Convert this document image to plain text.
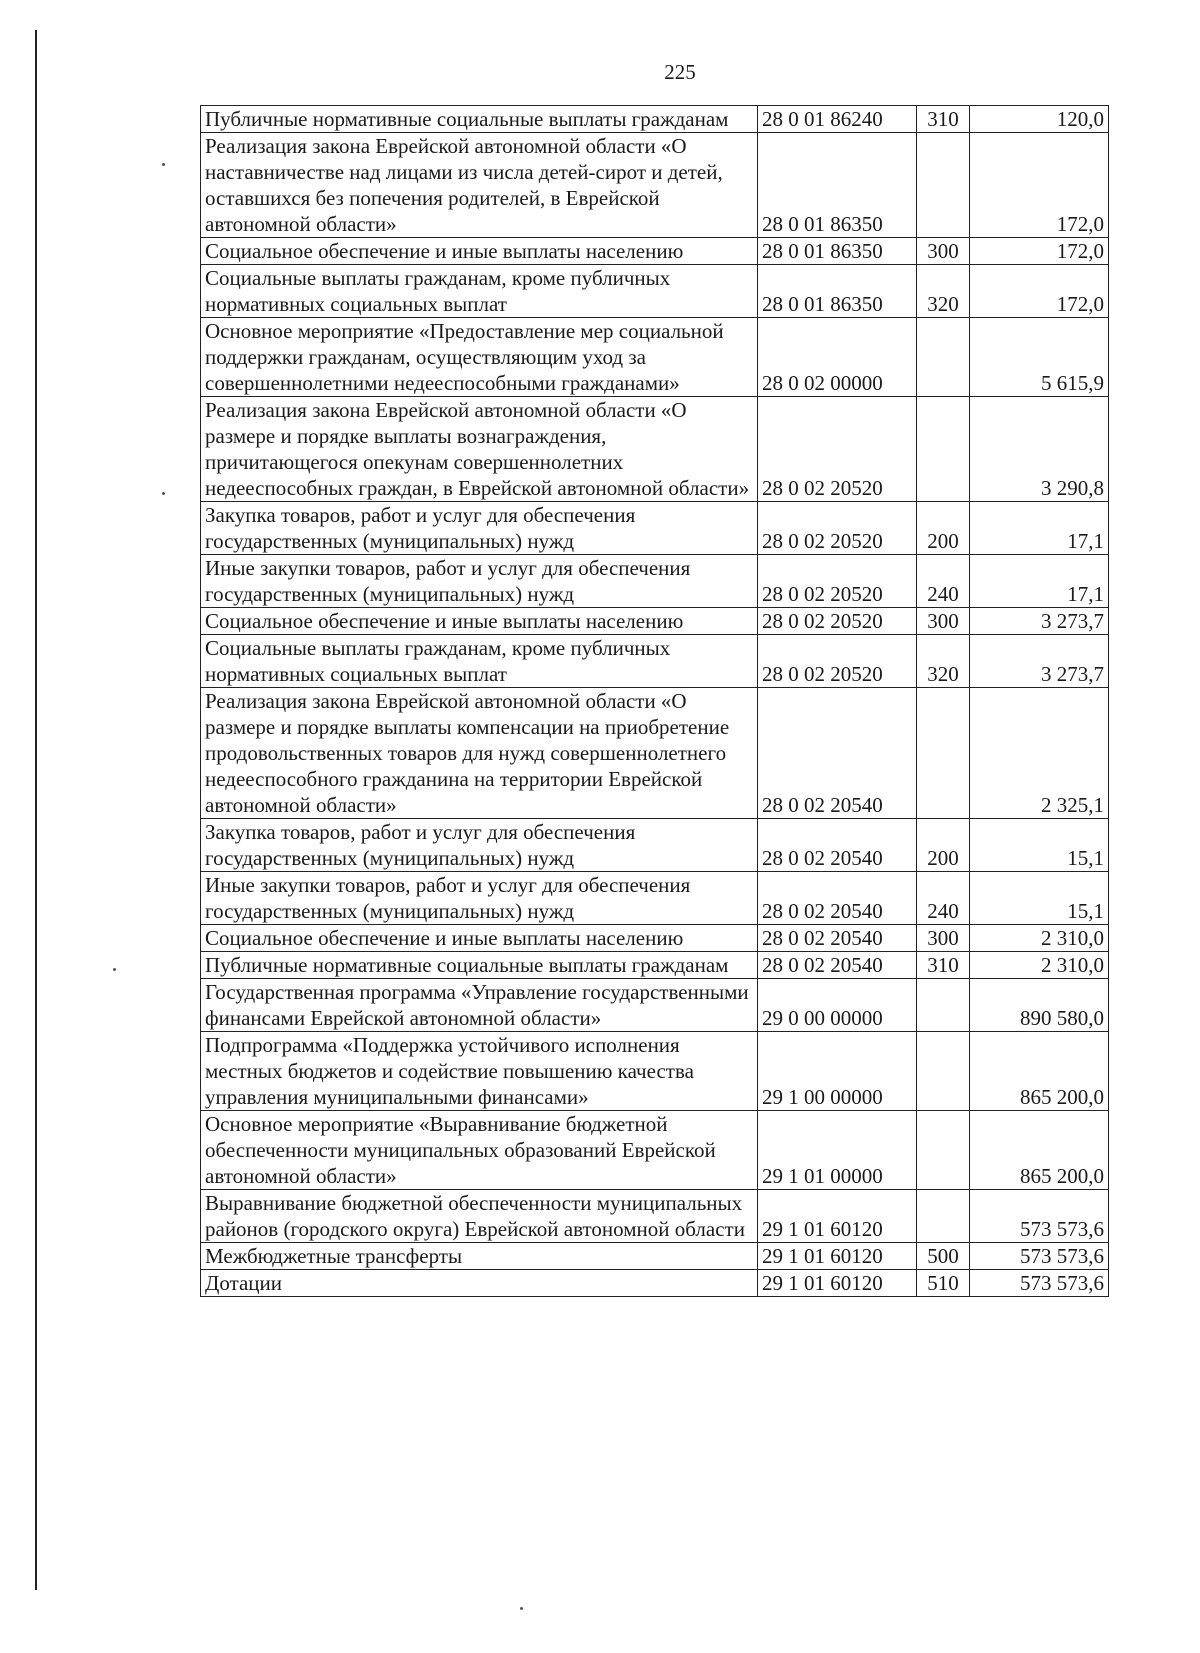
225
Публичные нормативные социальные выплаты гражданам	28 0 01 86240	310	120,0
Реализация закона Еврейской автономной области «О наставничестве над лицами из числа детей-сирот и детей, оставшихся без попечения родителей, в Еврейской автономной области»	28 0 01 86350		172,0
Социальное обеспечение и иные выплаты населению	28 0 01 86350	300	172,0
Социальные выплаты гражданам, кроме публичных нормативных социальных выплат	28 0 01 86350	320	172,0
Основное мероприятие «Предоставление мер социальной поддержки гражданам, осуществляющим уход за совершеннолетними недееспособными гражданами»	28 0 02 00000		5 615,9
Реализация закона Еврейской автономной области «О размере и порядке выплаты вознаграждения, причитающегося опекунам совершеннолетних недееспособных граждан, в Еврейской автономной области»	28 0 02 20520		3 290,8
Закупка товаров, работ и услуг для обеспечения государственных (муниципальных) нужд	28 0 02 20520	200	17,1
Иные закупки товаров, работ и услуг для обеспечения государственных (муниципальных) нужд	28 0 02 20520	240	17,1
Социальное обеспечение и иные выплаты населению	28 0 02 20520	300	3 273,7
Социальные выплаты гражданам, кроме публичных нормативных социальных выплат	28 0 02 20520	320	3 273,7
Реализация закона Еврейской автономной области «О размере и порядке выплаты компенсации на приобретение продовольственных товаров для нужд совершеннолетнего недееспособного гражданина на территории Еврейской автономной области»	28 0 02 20540		2 325,1
Закупка товаров, работ и услуг для обеспечения государственных (муниципальных) нужд	28 0 02 20540	200	15,1
Иные закупки товаров, работ и услуг для обеспечения государственных (муниципальных) нужд	28 0 02 20540	240	15,1
Социальное обеспечение и иные выплаты населению	28 0 02 20540	300	2 310,0
Публичные нормативные социальные выплаты гражданам	28 0 02 20540	310	2 310,0
Государственная программа «Управление государственными финансами Еврейской автономной области»	29 0 00 00000		890 580,0
Подпрограмма «Поддержка устойчивого исполнения местных бюджетов и содействие повышению качества управления муниципальными финансами»	29 1 00 00000		865 200,0
Основное мероприятие «Выравнивание бюджетной обеспеченности муниципальных образований Еврейской автономной области»	29 1 01 00000		865 200,0
Выравнивание бюджетной обеспеченности муниципальных районов (городского округа) Еврейской автономной области	29 1 01 60120		573 573,6
Межбюджетные трансферты	29 1 01 60120	500	573 573,6
Дотации	29 1 01 60120	510	573 573,6
